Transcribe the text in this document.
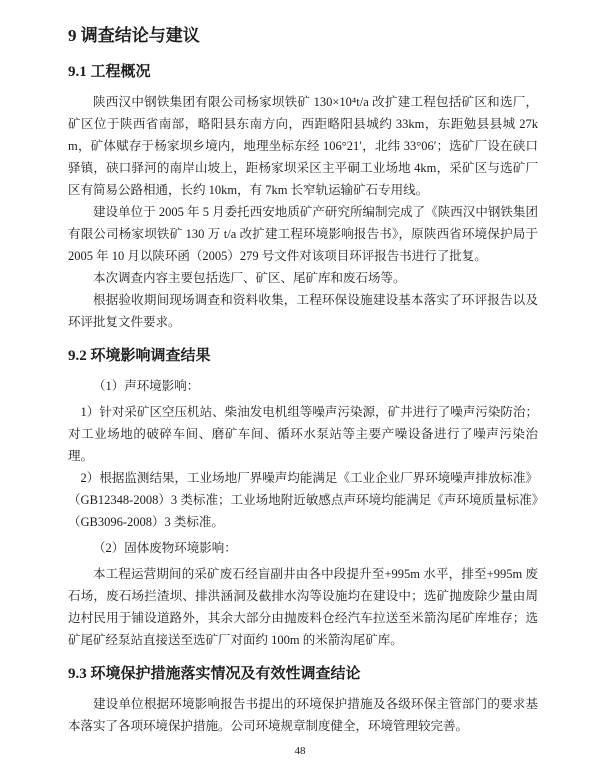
9 调查结论与建议
9.1 工程概况

陕西汉中钢铁集团有限公司杨家坝铁矿 130×10⁴t/a 改扩建工程包括矿区和选厂，矿区位于陕西省南部，略阳县东南方向，西距略阳县城约 33km，东距勉县县城 27km，矿体赋存于杨家坝乡境内，地理坐标东经 106°21′，北纬 33°06′；选矿厂设在硖口驿镇，硖口驿河的南岸山坡上，距杨家坝采区主平硐工业场地 4km，采矿区与选矿厂区有简易公路相通，长约 10km，有 7km 长窄轨运输矿石专用线。

建设单位于 2005 年 5 月委托西安地质矿产研究所编制完成了《陕西汉中钢铁集团有限公司杨家坝铁矿 130 万 t/a 改扩建工程环境影响报告书》，原陕西省环境保护局于 2005 年 10 月以陕环函（2005）279 号文件对该项目环评报告书进行了批复。

本次调查内容主要包括选厂、矿区、尾矿库和废石场等。

根据验收期间现场调查和资料收集，工程环保设施建设基本落实了环评报告以及环评批复文件要求。

9.2 环境影响调查结果

（1）声环境影响：

1）针对采矿区空压机站、柴油发电机组等噪声污染源，矿井进行了噪声污染防治；对工业场地的破碎车间、磨矿车间、循环水泵站等主要产噪设备进行了噪声污染治理。

2）根据监测结果，工业场地厂界噪声均能满足《工业企业厂界环境噪声排放标准》（GB12348-2008）3 类标准；工业场地附近敏感点声环境均能满足《声环境质量标准》（GB3096-2008）3 类标准。

（2）固体废物环境影响：

本工程运营期间的采矿废石经盲副井由各中段提升至+995m 水平，排至+995m 废石场，废石场拦渣坝、排洪涵洞及截排水沟等设施均在建设中；选矿抛废除少量由周边村民用于铺设道路外，其余大部分由抛废料仓经汽车拉送至米箭沟尾矿库堆存；选矿尾矿经泵站直接送至选矿厂对面约 100m 的米箭沟尾矿库。

9.3 环境保护措施落实情况及有效性调查结论

建设单位根据环境影响报告书提出的环境保护措施及各级环保主管部门的要求基本落实了各项环境保护措施。公司环境规章制度健全，环境管理较完善。

48
